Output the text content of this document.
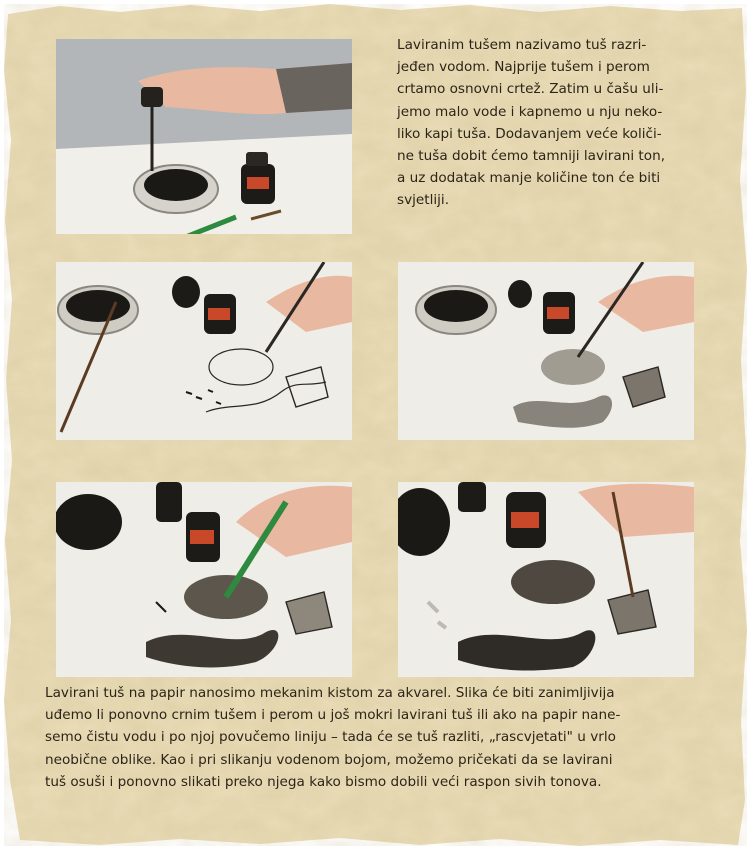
Laviranim tušem nazivamo tuš razri-

jeđen vodom. Najprije tušem i perom

crtamo osnovni crtež. Zatim u čašu uli-

jemo malo vode i kapnemo u nju neko-

liko kapi tuša. Dodavanjem veće količi-

ne tuša dobit ćemo tamniji lavirani ton,

a uz dodatak manje količine ton će biti

svjetliji.

Lavirani tuš na papir nanosimo mekanim kistom za akvarel. Slika će biti zanimljivija

uđemo li ponovno crnim tušem i perom u još mokri lavirani tuš ili ako na papir nane-

semo čistu vodu i po njoj povučemo liniju – tada će se tuš razliti, „rascvjetati" u vrlo

neobične oblike. Kao i pri slikanju vodenom bojom, možemo pričekati da se lavirani

tuš osuši i ponovno slikati preko njega kako bismo dobili veći raspon sivih tonova.
